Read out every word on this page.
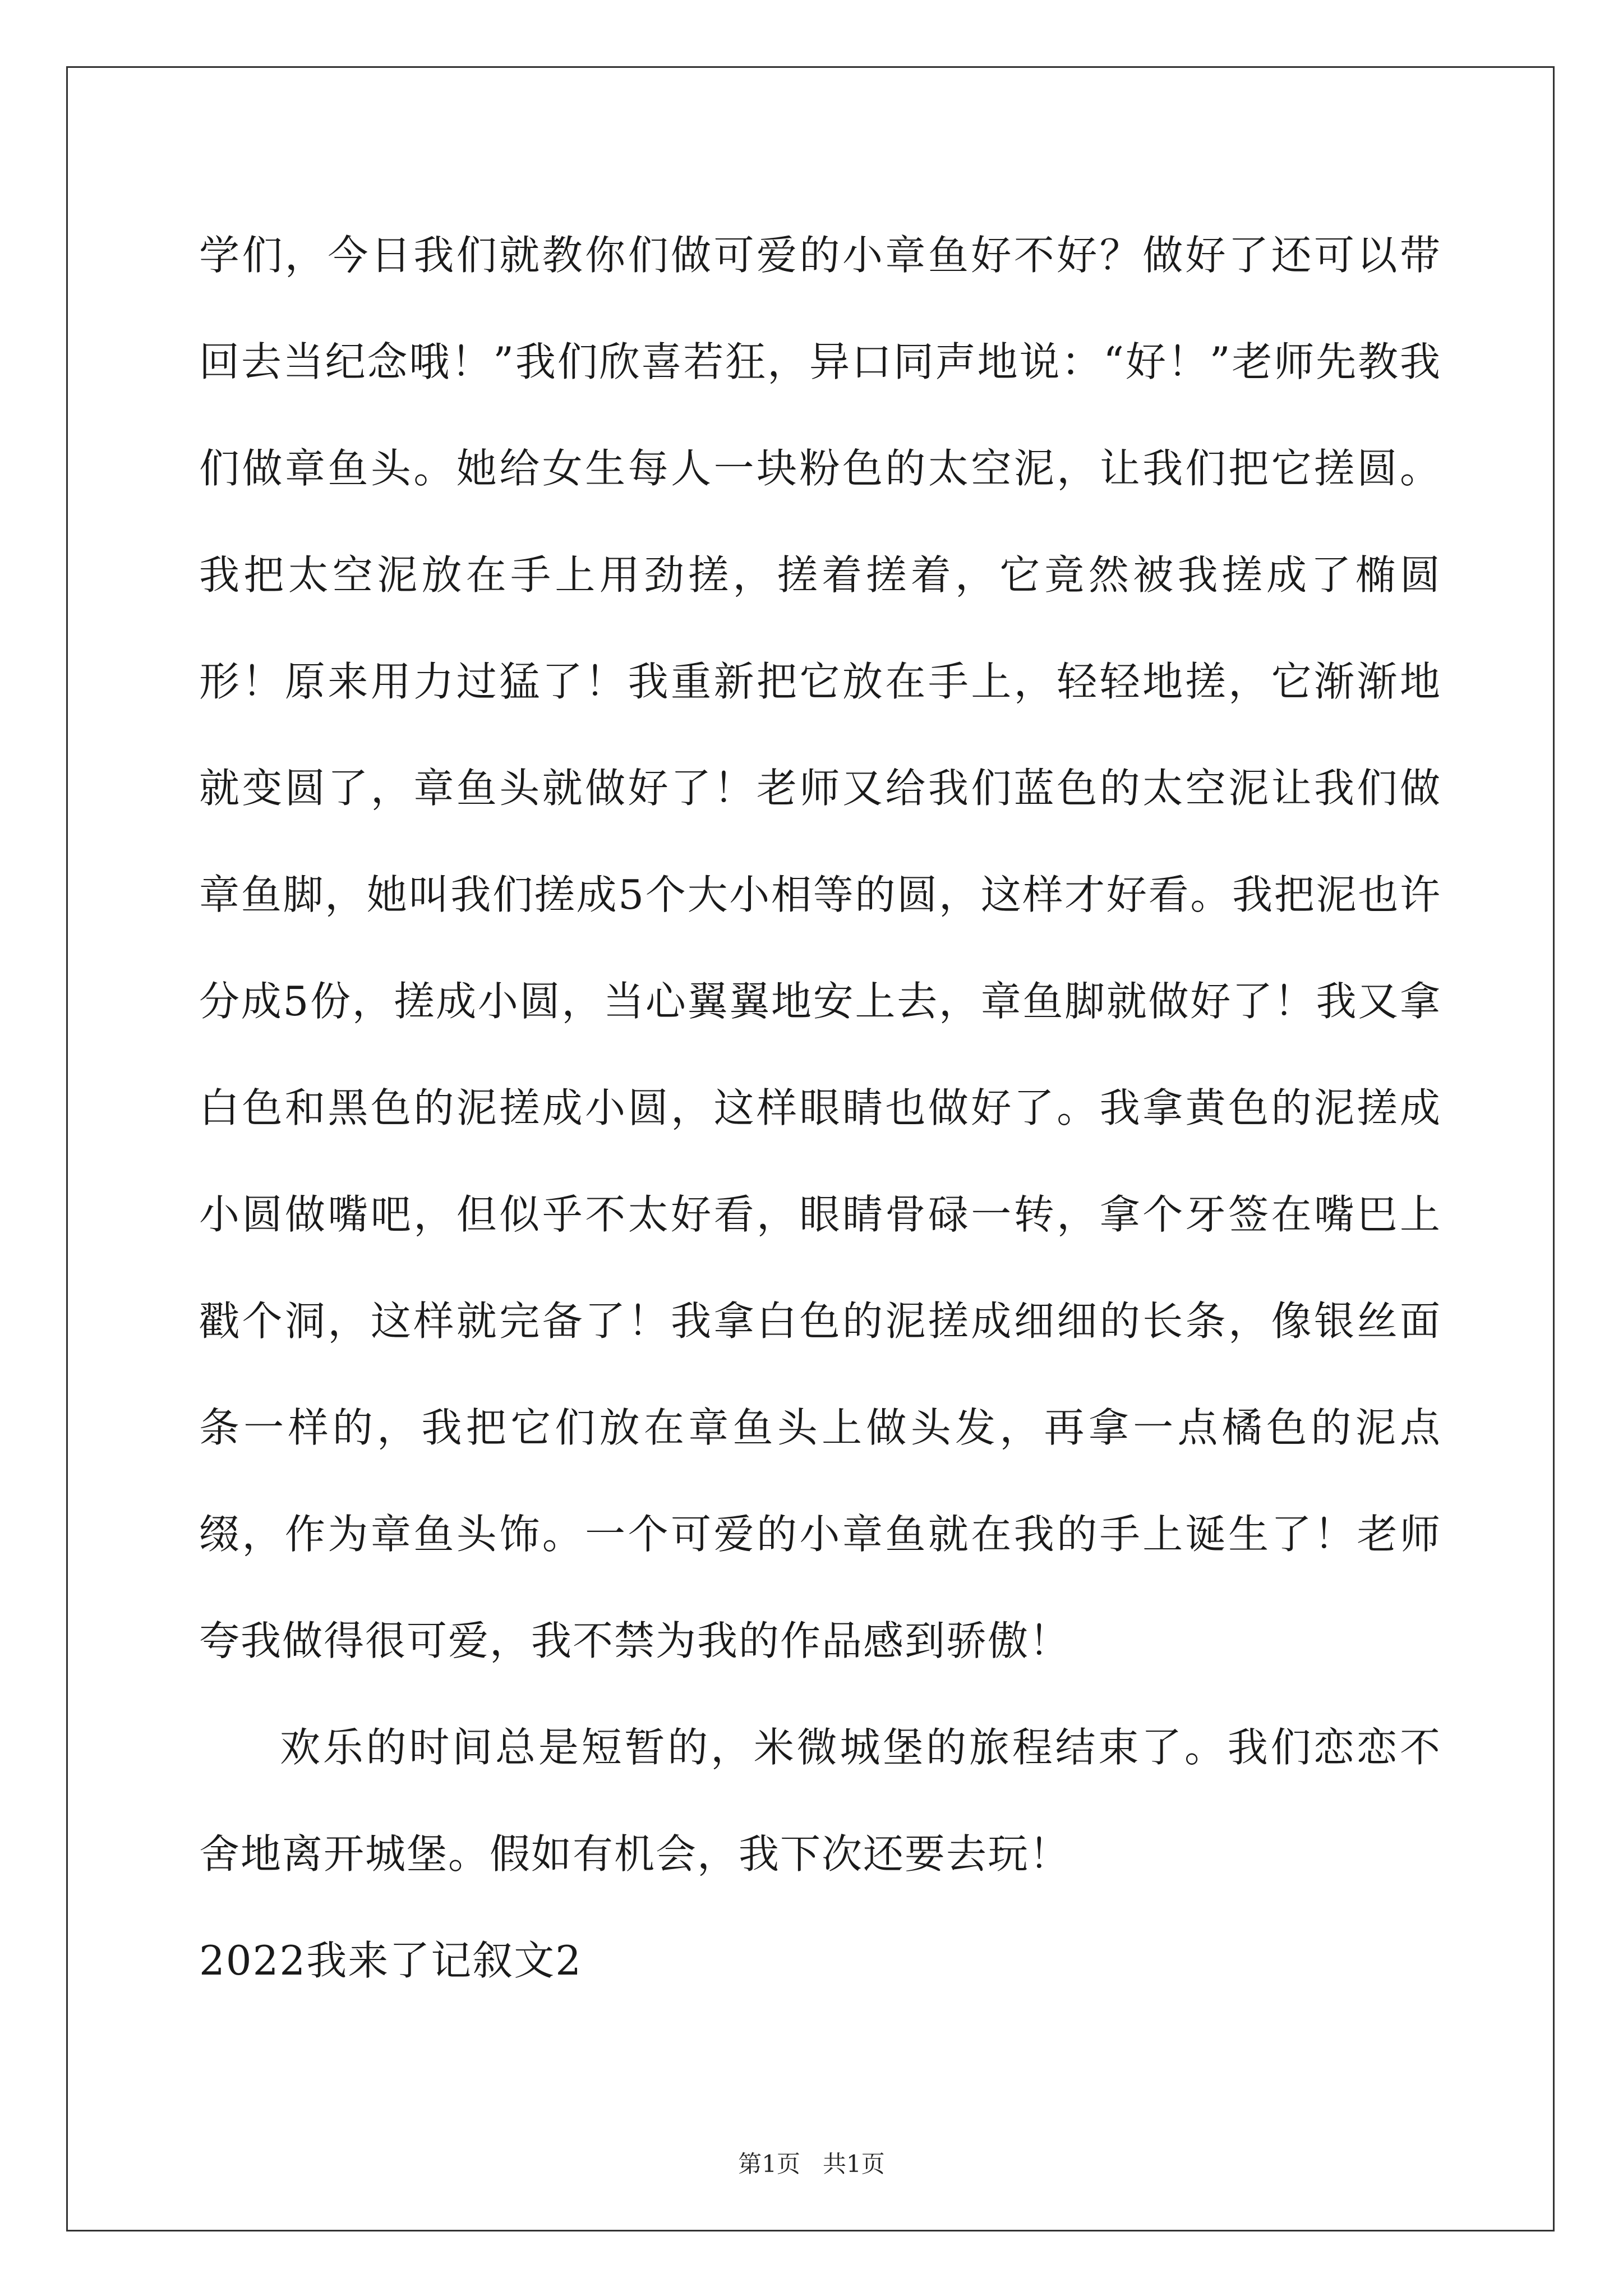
学们，今日我们就教你们做可爱的小章鱼好不好？做好了还可以带回去当纪念哦！”我们欣喜若狂，异口同声地说：“好！”老师先教我们做章鱼头。她给女生每人一块粉色的太空泥，让我们把它搓圆。我把太空泥放在手上用劲搓，搓着搓着，它竟然被我搓成了椭圆形！原来用力过猛了！我重新把它放在手上，轻轻地搓，它渐渐地就变圆了，章鱼头就做好了！老师又给我们蓝色的太空泥让我们做章鱼脚，她叫我们搓成5个大小相等的圆，这样才好看。我把泥也许分成5份，搓成小圆，当心翼翼地安上去，章鱼脚就做好了！我又拿白色和黑色的泥搓成小圆，这样眼睛也做好了。我拿黄色的泥搓成小圆做嘴吧，但似乎不太好看，眼睛骨碌一转，拿个牙签在嘴巴上戳个洞，这样就完备了！我拿白色的泥搓成细细的长条，像银丝面条一样的，我把它们放在章鱼头上做头发，再拿一点橘色的泥点缀，作为章鱼头饰。一个可爱的小章鱼就在我的手上诞生了！老师夸我做得很可爱，我不禁为我的作品感到骄傲！

欢乐的时间总是短暂的，米微城堡的旅程结束了。我们恋恋不舍地离开城堡。假如有机会，我下次还要去玩！

2022我来了记叙文2

第1页 共1页
